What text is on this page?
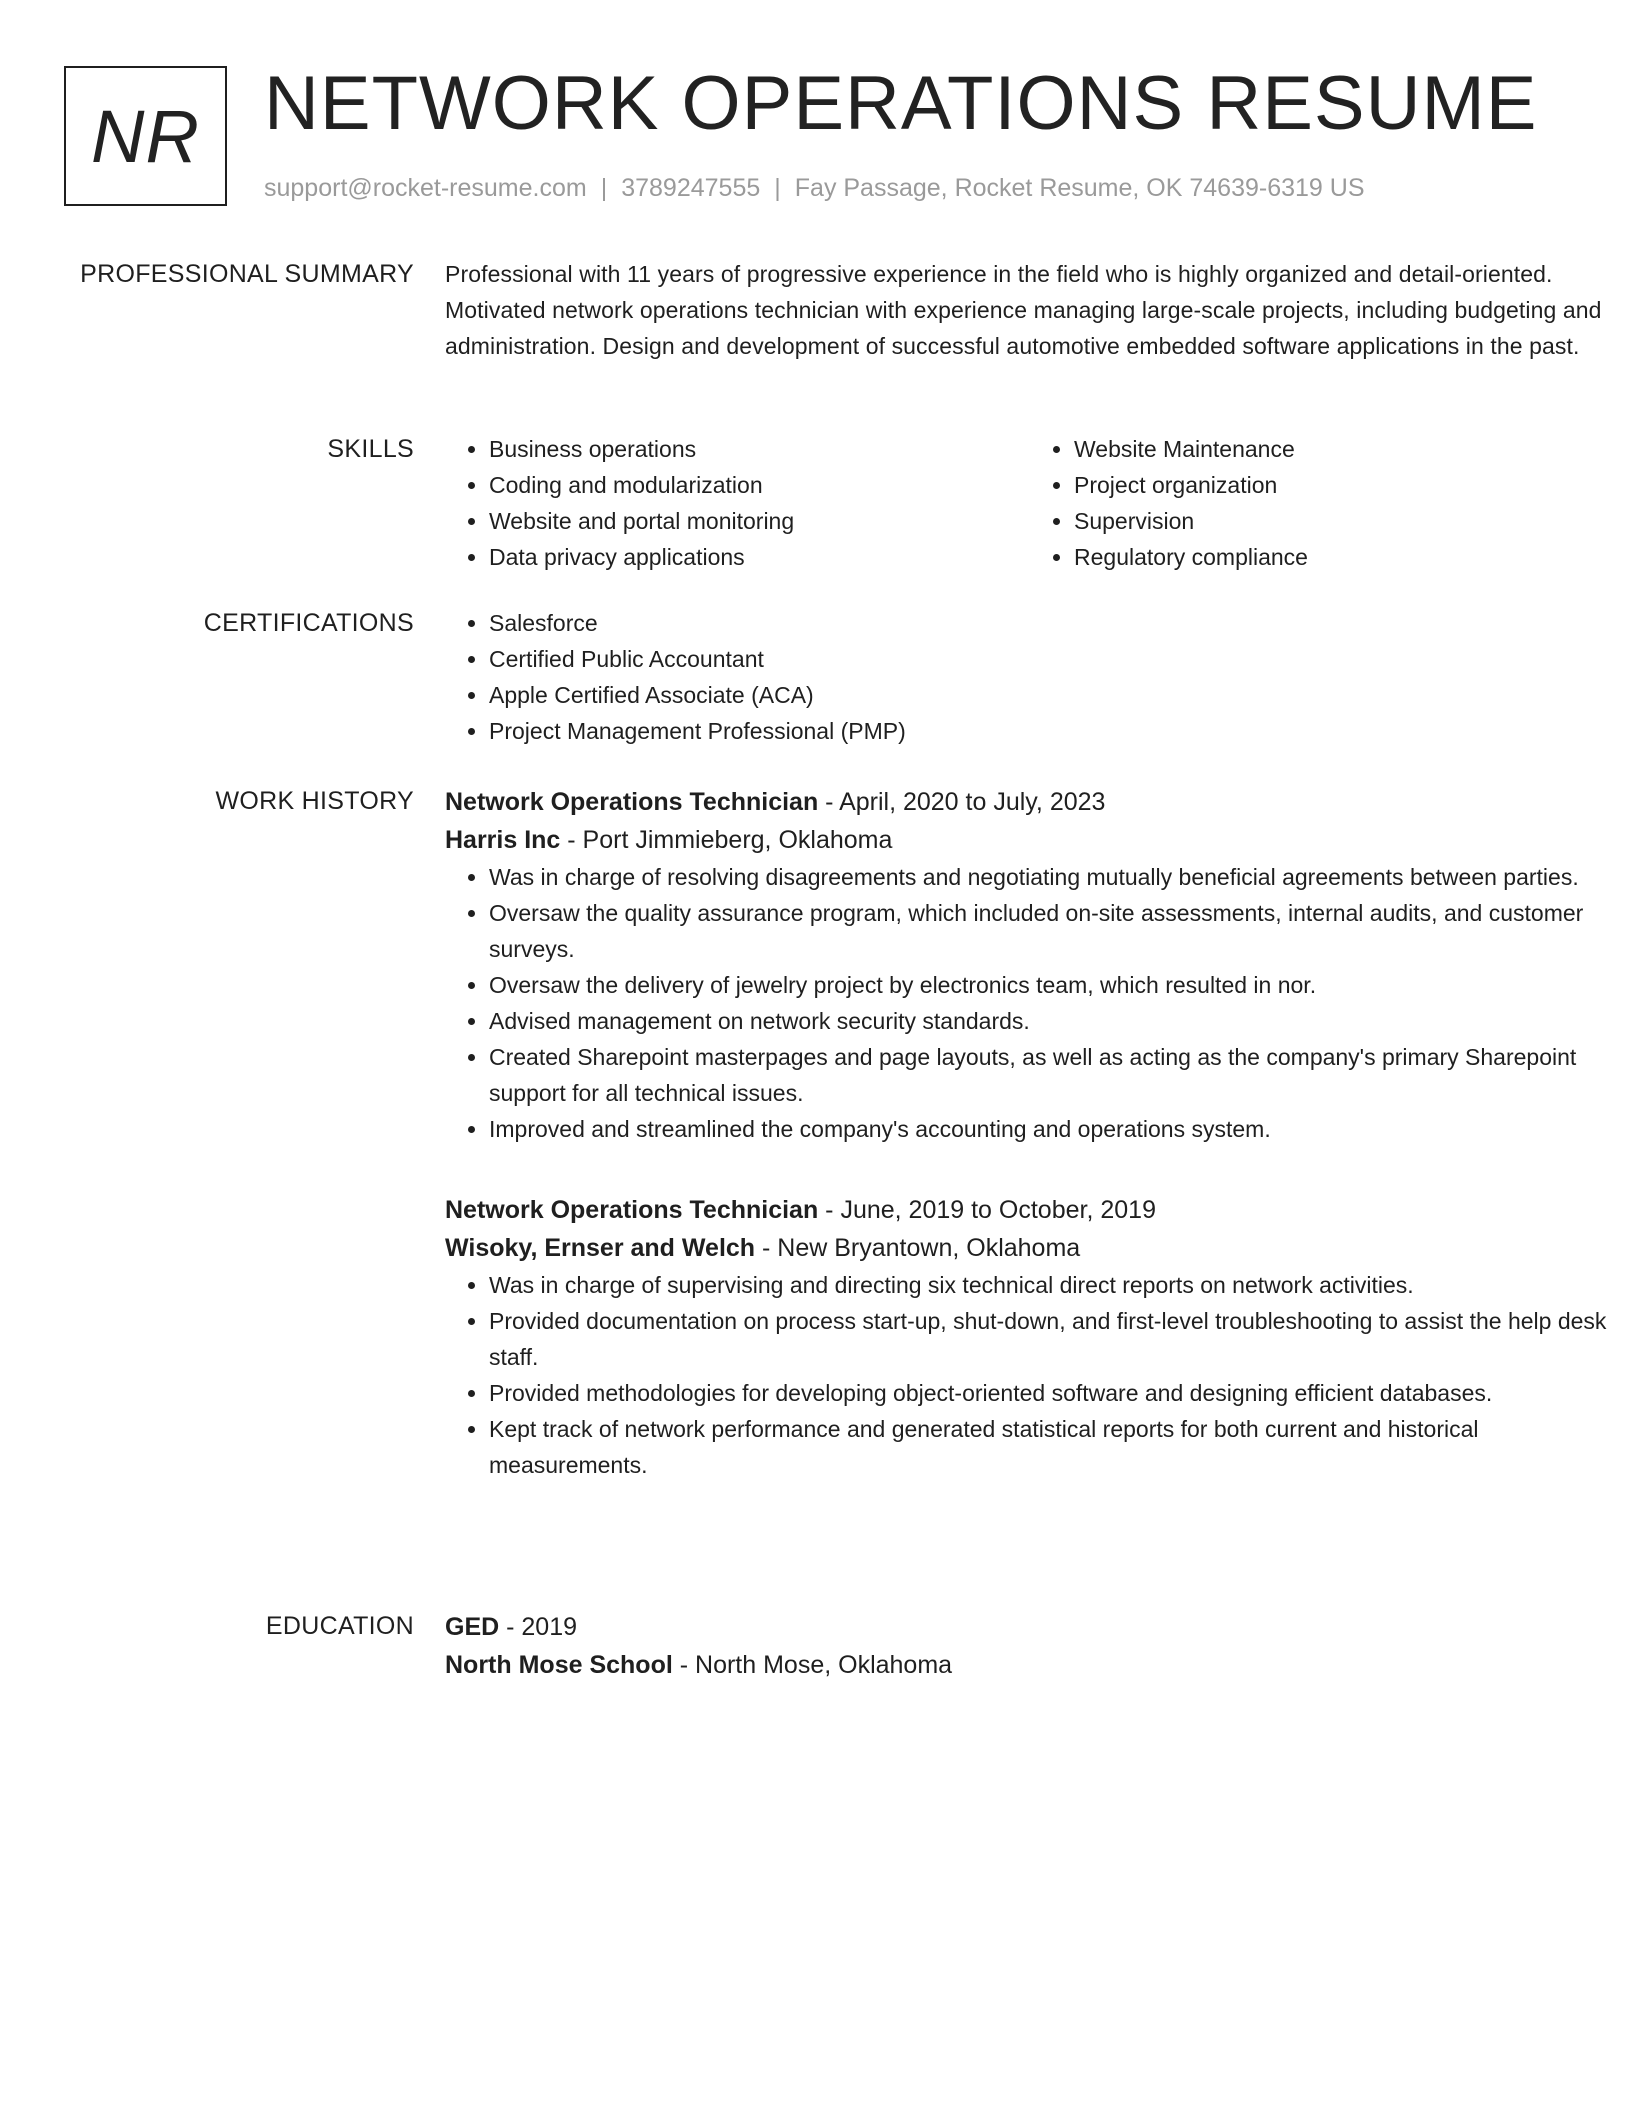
NR NETWORK OPERATIONS RESUME
support@rocket-resume.com | 3789247555 | Fay Passage, Rocket Resume, OK 74639-6319 US
PROFESSIONAL SUMMARY Professional with 11 years of progressive experience in the field who is highly organized and detail-oriented. Motivated network operations technician with experience managing large-scale projects, including budgeting and administration. Design and development of successful automotive embedded software applications in the past.

SKILLS	• Business operations
• Coding and modularization
• Website and portal monitoring
• Data privacy applications
• Website Maintenance
• Project organization
• Supervision
• Regulatory compliance
CERTIFICATIONS	• Salesforce
• Certified Public Accountant
• Apple Certified Associate (ACA)
• Project Management Professional (PMP)
WORK HISTORY Network Operations Technician - April, 2020 to July, 2023
Harris Inc - Port Jimmieberg, Oklahoma
• Was in charge of resolving disagreements and negotiating mutually beneficial agreements between parties.
• Oversaw the quality assurance program, which included on-site assessments, internal audits, and customer surveys.
• Oversaw the delivery of jewelry project by electronics team, which resulted in nor.
• Advised management on network security standards.
• Created Sharepoint masterpages and page layouts, as well as acting as the company's primary Sharepoint support for all technical issues.
• Improved and streamlined the company's accounting and operations system.
Network Operations Technician - June, 2019 to October, 2019
Wisoky, Ernser and Welch - New Bryantown, Oklahoma
• Was in charge of supervising and directing six technical direct reports on network activities.
• Provided documentation on process start-up, shut-down, and first-level troubleshooting to assist the help desk staff.
• Provided methodologies for developing object-oriented software and designing efficient databases.
• Kept track of network performance and generated statistical reports for both current and historical measurements.
EDUCATION GED - 2019
North Mose School - North Mose, Oklahoma
